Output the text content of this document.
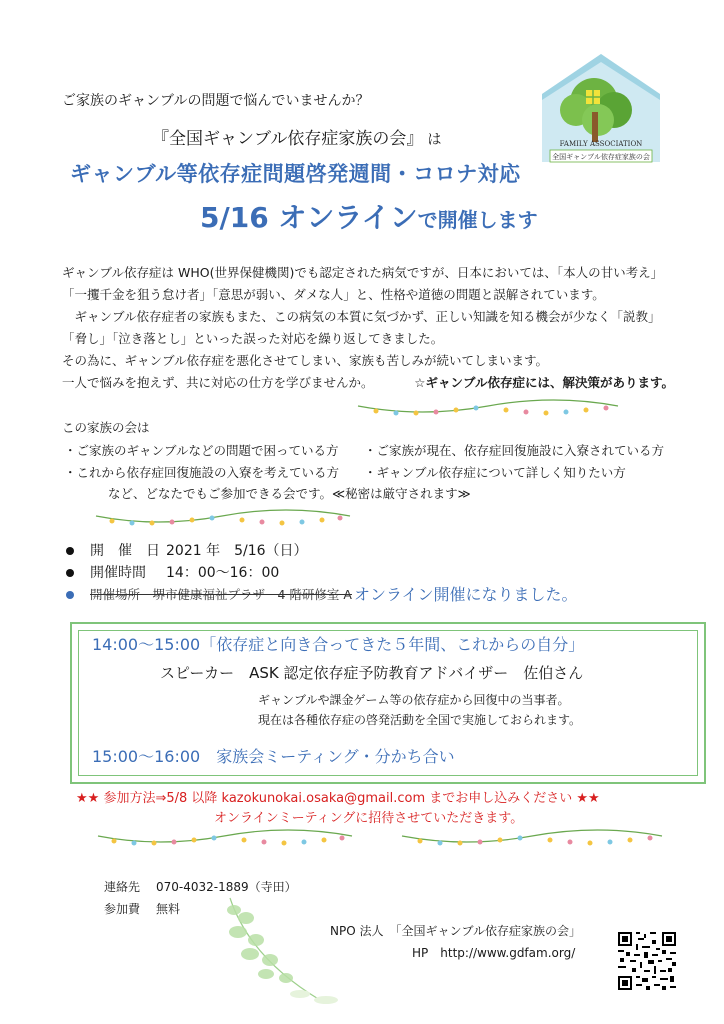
ご家族のギャンブルの問題で悩んでいませんか？
『全国ギャンブル依存症家族の会』 は
ギャンブル等依存症問題啓発週間・コロナ対応
5/16 オンラインで開催します
FAMILY ASSOCIATION
全国ギャンブル依存症家族の会

ギャンブル依存症は WHO(世界保健機関)でも認定された病気ですが、日本においては、「本人の甘い考え」

「一攫千金を狙う怠け者」「意思が弱い、ダメな人」と、性格や道徳の問題と誤解されています。

　ギャンブル依存症者の家族もまた、この病気の本質に気づかず、正しい知識を知る機会が少なく「説教」

「脅し」「泣き落とし」といった誤った対応を繰り返してきました。

その為に、ギャンブル依存症を悪化させてしまい、家族も苦しみが続いてしまいます。

一人で悩みを抱えず、共に対応の仕方を学びませんか。	☆ギャンブル依存症には、解決策があります。
この家族の会は
・ご家族のギャンブルなどの問題で困っている方	・ご家族が現在、依存症回復施設に入寮されている方
・これから依存症回復施設の入寮を考えている方	・ギャンブル依存症について詳しく知りたい方
など、どなたでもご参加できる会です。≪秘密は厳守されます≫
開　催　日 2021 年　5/16（日）
開催時間	14：00～16：00
開催場所　堺市健康福祉プラザ　4 階研修室 A オンライン開催になりました。
14:00～15:00「依存症と向き合ってきた５年間、これからの自分」
スピーカー　ASK 認定依存症予防教育アドバイザー　佐伯さん
ギャンブルや課金ゲーム等の依存症から回復中の当事者。
現在は各種依存症の啓発活動を全国で実施しておられます。
15:00～16:00　家族会ミーティング・分かち合い
★★ 参加方法⇒5/8 以降 kazokunokai.osaka@gmail.com までお申し込みください ★★
オンラインミーティングに招待させていただきます。
連絡先 070-4032-1889（寺田）
参加費 無料
NPO 法人　「全国ギャンブル依存症家族の会」
HP　 http://www.gdfam.org/
